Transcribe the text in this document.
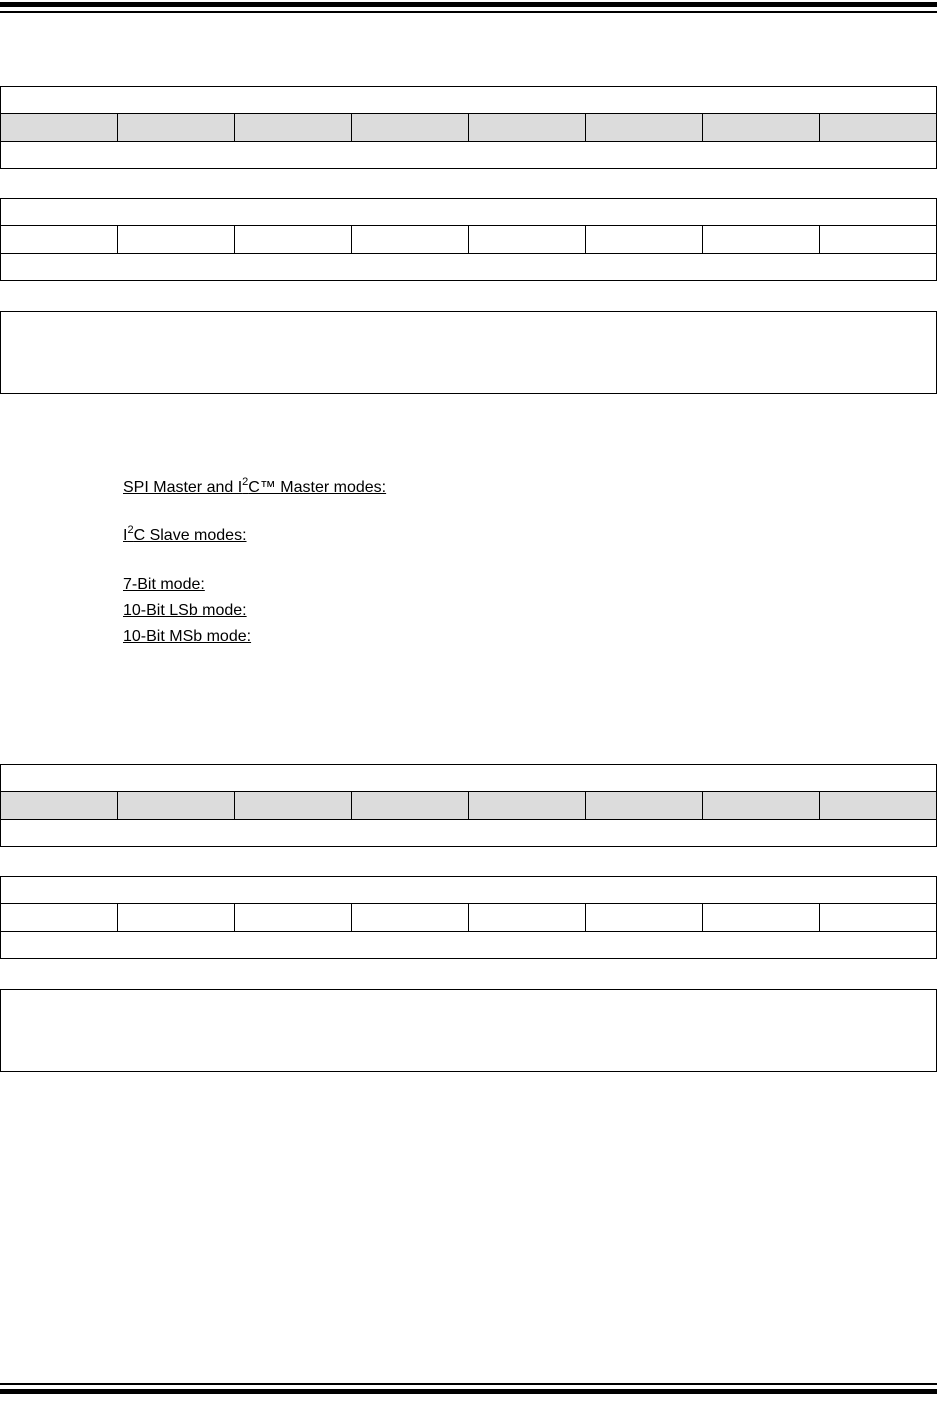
SPI Master and $I^2C™$ Master modes:
$I^2C$ Slave modes:
7-Bit mode:
10-Bit LSb mode:
10-Bit MSb mode:
